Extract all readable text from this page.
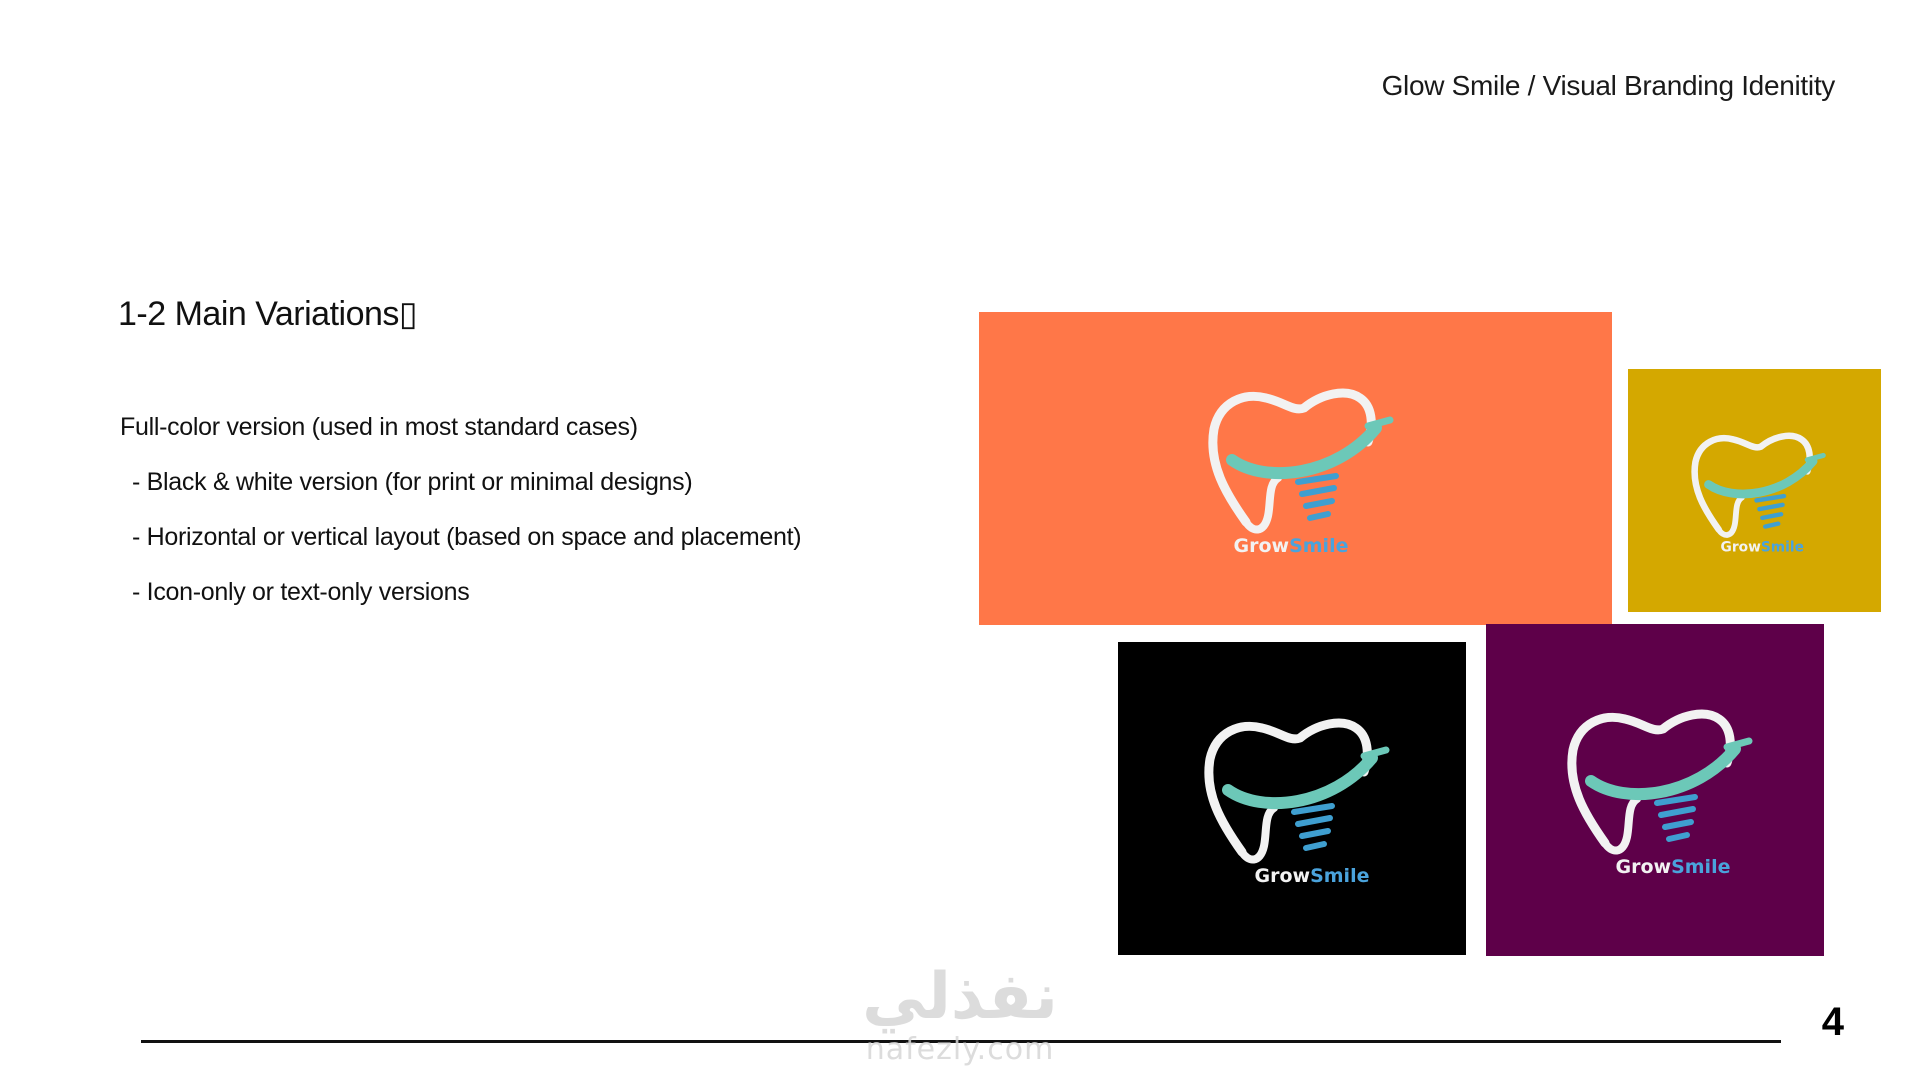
Glow Smile / Visual Branding Idenitity
1-2 Main Variations▯
Full-color version (used in most standard cases)
- Black & white version (for print or minimal designs)
- Horizontal or vertical layout (based on space and placement)
- Icon-only or text-only versions
GrowSmile	GrowSmile
GrowSmile	GrowSmile
نفذلي
nafezly.com
4
